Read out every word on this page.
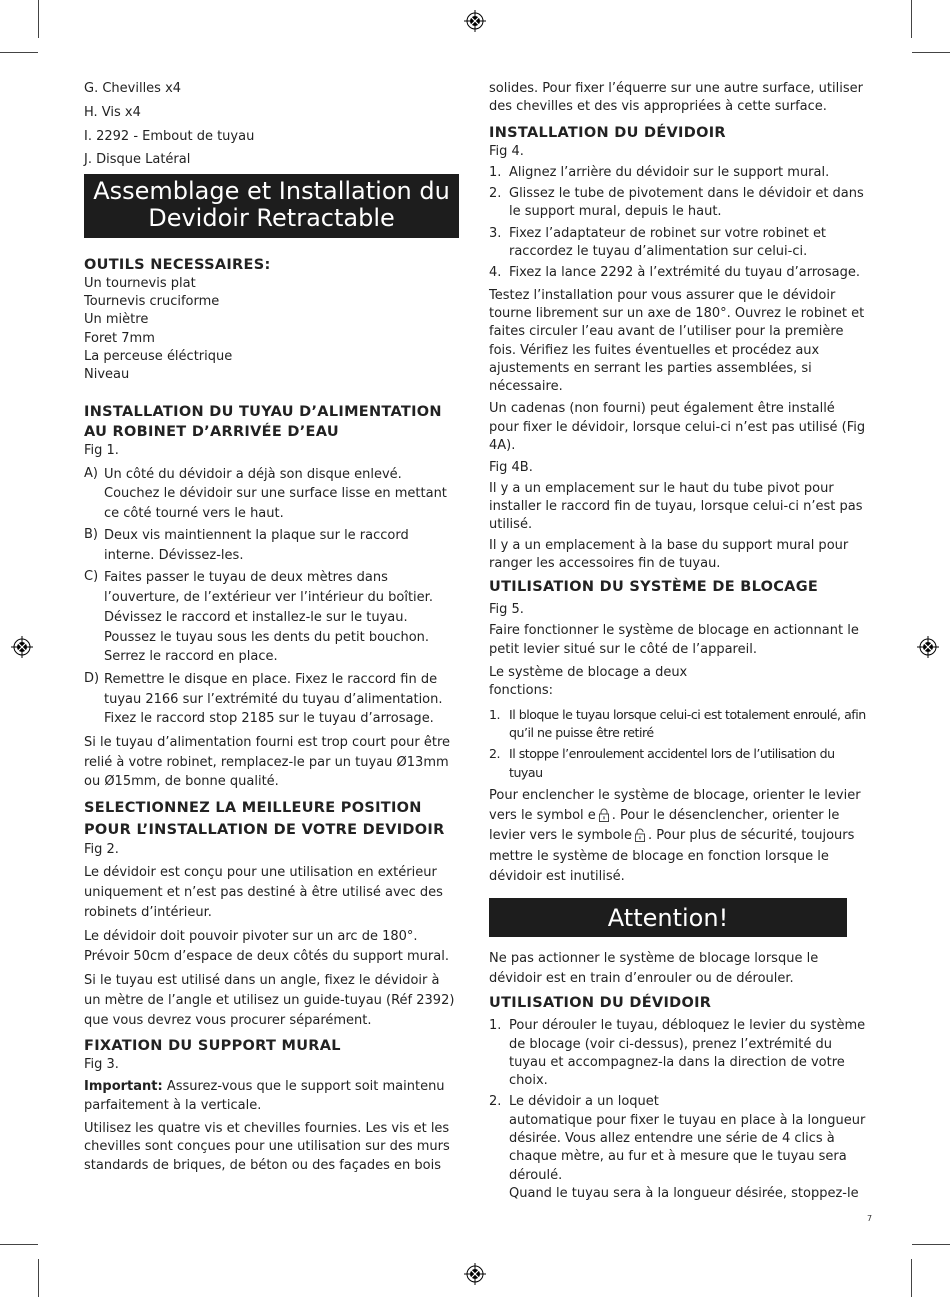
G. Chevilles x4

H. Vis x4

I. 2292 - Embout de tuyau

J. Disque Latéral

Assemblage et Installation du
Devidoir Retractable
OUTILS NECESSAIRES:
Un tournevis plat
Tournevis cruciforme
Un miètre
Foret 7mm
La perceuse éléctrique
Niveau
INSTALLATION DU TUYAU D’ALIMENTATION AU ROBINET D’ARRIVÉE D’EAU

Fig 1.

A) Un côté du dévidoir a déjà son disque enlevé. Couchez le dévidoir sur une surface lisse en mettant ce côté tourné vers le haut.
B) Deux vis maintiennent la plaque sur le raccord interne. Dévissez-les.
C) Faites passer le tuyau de deux mètres dans l’ouverture, de l’extérieur ver l’intérieur du boîtier. Dévissez le raccord et installez-le sur le tuyau. Poussez le tuyau sous les dents du petit bouchon. Serrez le raccord en place.
D) Remettre le disque en place. Fixez le raccord fin de tuyau 2166 sur l’extrémité du tuyau d’alimentation. Fixez le raccord stop 2185 sur le tuyau d’arrosage.

Si le tuyau d’alimentation fourni est trop court pour être relié à votre robinet, remplacez-le par un tuyau Ø13mm ou Ø15mm, de bonne qualité.

SELECTIONNEZ LA MEILLEURE POSITION POUR L’INSTALLATION DE VOTRE DEVIDOIR

Fig 2.

Le dévidoir est conçu pour une utilisation en extérieur uniquement et n’est pas destiné à être utilisé avec des robinets d’intérieur.

Le dévidoir doit pouvoir pivoter sur un arc de 180°. Prévoir 50cm d’espace de deux côtés du support mural.

Si le tuyau est utilisé dans un angle, fixez le dévidoir à un mètre de l’angle et utilisez un guide-tuyau (Réf 2392) que vous devrez vous procurer séparément.

FIXATION DU SUPPORT MURAL

Fig 3.

Important: Assurez-vous que le support soit maintenu parfaitement à la verticale.

Utilisez les quatre vis et chevilles fournies. Les vis et les chevilles sont conçues pour une utilisation sur des murs standards de briques, de béton ou des façades en bois

solides. Pour fixer l’équerre sur une autre surface, utiliser des chevilles et des vis appropriées à cette surface.

INSTALLATION DU DÉVIDOIR

Fig 4.

1. Alignez l’arrière du dévidoir sur le support mural.
2. Glissez le tube de pivotement dans le dévidoir et dans le support mural, depuis le haut.
3. Fixez l’adaptateur de robinet sur votre robinet et raccordez le tuyau d’alimentation sur celui-ci.
4. Fixez la lance 2292 à l’extrémité du tuyau d’arrosage.

Testez l’installation pour vous assurer que le dévidoir tourne librement sur un axe de 180°. Ouvrez le robinet et faites circuler l’eau avant de l’utiliser pour la première fois. Vérifiez les fuites éventuelles et procédez aux ajustements en serrant les parties assemblées, si nécessaire.

Un cadenas (non fourni) peut également être installé pour fixer le dévidoir, lorsque celui-ci n’est pas utilisé (Fig 4A).

Fig 4B.

Il y a un emplacement sur le haut du tube pivot pour installer le raccord fin de tuyau, lorsque celui-ci n’est pas utilisé.

Il y a un emplacement à la base du support mural pour ranger les accessoires fin de tuyau.

UTILISATION DU SYSTÈME DE BLOCAGE

Fig 5.

Faire fonctionner le système de blocage en actionnant le petit levier situé sur le côté de l’appareil.

Le système de blocage a deux
fonctions:

1. Il bloque le tuyau lorsque celui-ci est totalement enroulé, afin qu’il ne puisse être retiré
2. Il stoppe l’enroulement accidentel lors de l’utilisation du tuyau

Pour enclencher le système de blocage, orienter le levier vers le symbol e . Pour le désenclencher, orienter le levier vers le symbole . Pour plus de sécurité, toujours mettre le système de blocage en fonction lorsque le dévidoir est inutilisé.

Attention!

Ne pas actionner le système de blocage lorsque le dévidoir est en train d’enrouler ou de dérouler.

UTILISATION DU DÉVIDOIR
1. Pour dérouler le tuyau, débloquez le levier du système de blocage (voir ci-dessus), prenez l’extrémité du tuyau et accompagnez-la dans la direction de votre choix.
2. Le dévidoir a un loquet
automatique pour fixer le tuyau en place à la longueur désirée. Vous allez entendre une série de 4 clics à chaque mètre, au fur et à mesure que le tuyau sera déroulé.
Quand le tuyau sera à la longueur désirée, stoppez-le
7
